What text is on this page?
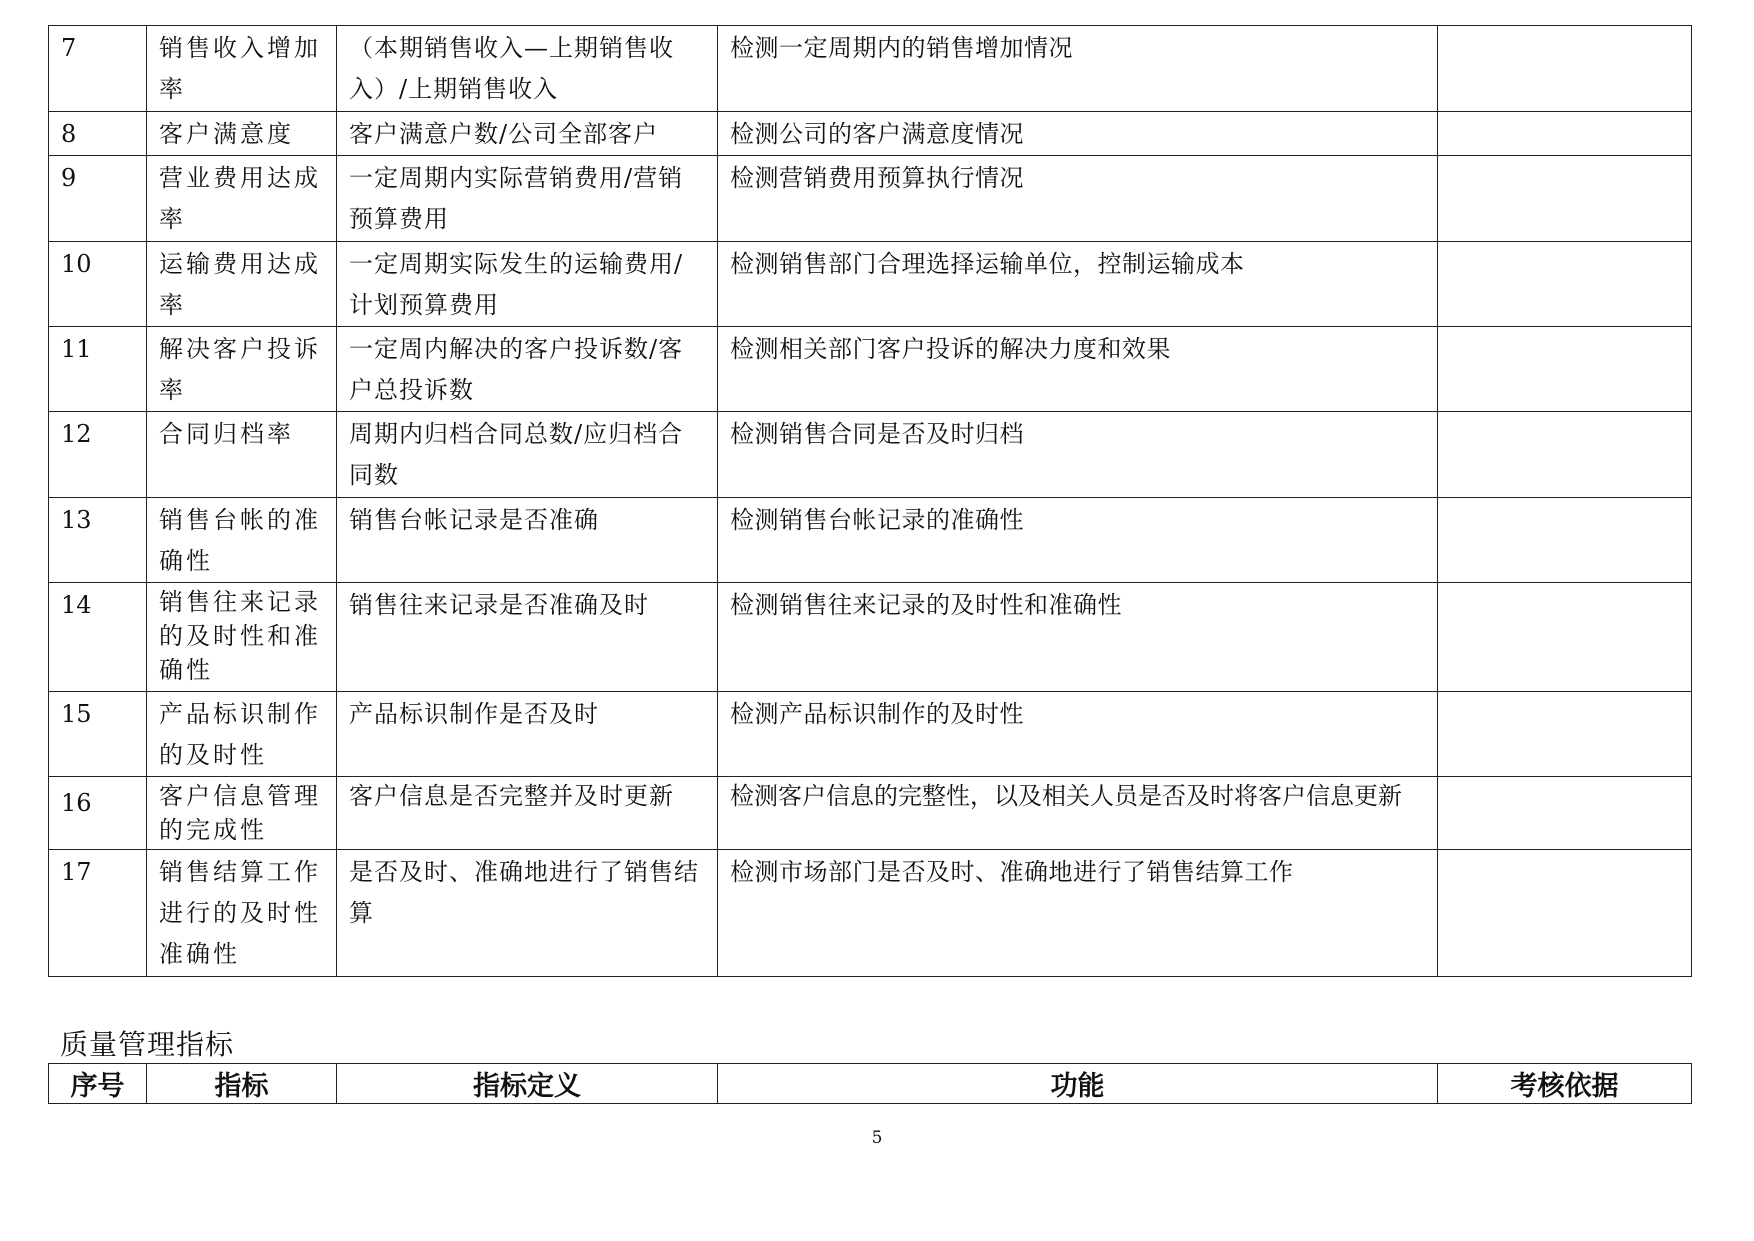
7	销售收入增加率	（本期销售收入—上期销售收入）/上期销售收入	检测一定周期内的销售增加情况	
8	客户满意度	客户满意户数/公司全部客户	检测公司的客户满意度情况	
9	营业费用达成率	一定周期内实际营销费用/营销预算费用	检测营销费用预算执行情况	
10	运输费用达成率	一定周期实际发生的运输费用/计划预算费用	检测销售部门合理选择运输单位，控制运输成本	
11	解决客户投诉率	一定周内解决的客户投诉数/客户总投诉数	检测相关部门客户投诉的解决力度和效果	
12	合同归档率	周期内归档合同总数/应归档合同数	检测销售合同是否及时归档	
13	销售台帐的准确性	销售台帐记录是否准确	检测销售台帐记录的准确性	
14	销售往来记录的及时性和准确性	销售往来记录是否准确及时	检测销售往来记录的及时性和准确性	
15	产品标识制作的及时性	产品标识制作是否及时	检测产品标识制作的及时性	
16	客户信息管理的完成性	客户信息是否完整并及时更新	检测客户信息的完整性，以及相关人员是否及时将客户信息更新	
17	销售结算工作进行的及时性准确性	是否及时、准确地进行了销售结算	检测市场部门是否及时、准确地进行了销售结算工作	
质量管理指标
序号	指标	指标定义	功能	考核依据
5
